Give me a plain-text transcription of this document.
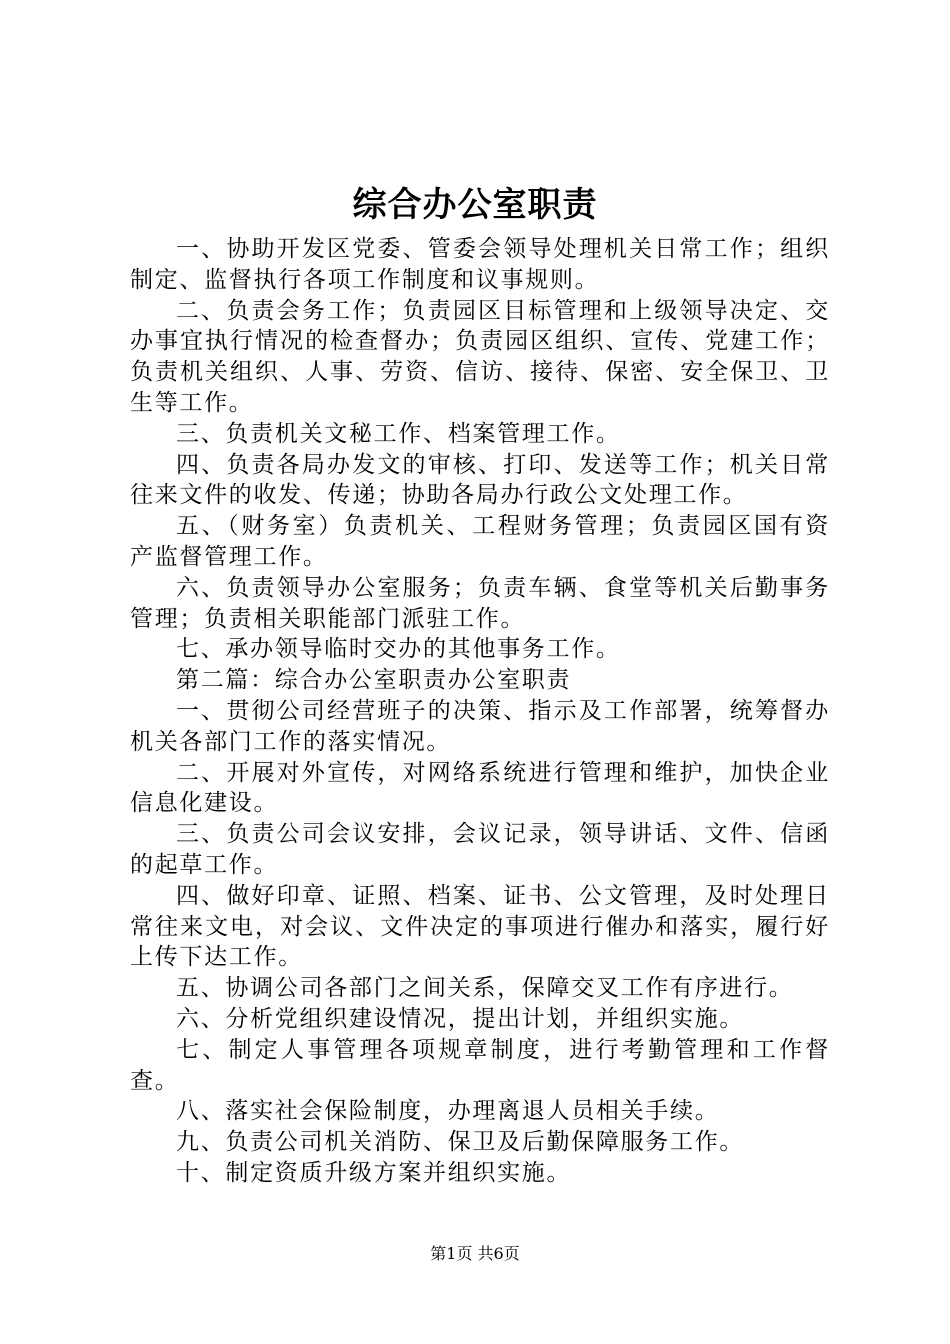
综合办公室职责

一、协助开发区党委、管委会领导处理机关日常工作；组织制定、监督执行各项工作制度和议事规则。

二、负责会务工作；负责园区目标管理和上级领导决定、交办事宜执行情况的检查督办；负责园区组织、宣传、党建工作；负责机关组织、人事、劳资、信访、接待、保密、安全保卫、卫生等工作。

三、负责机关文秘工作、档案管理工作。

四、负责各局办发文的审核、打印、发送等工作；机关日常往来文件的收发、传递；协助各局办行政公文处理工作。

五、（财务室）负责机关、工程财务管理；负责园区国有资产监督管理工作。

六、负责领导办公室服务；负责车辆、食堂等机关后勤事务管理；负责相关职能部门派驻工作。

七、承办领导临时交办的其他事务工作。

第二篇：综合办公室职责办公室职责

一、贯彻公司经营班子的决策、指示及工作部署，统筹督办机关各部门工作的落实情况。

二、开展对外宣传，对网络系统进行管理和维护，加快企业信息化建设。

三、负责公司会议安排，会议记录，领导讲话、文件、信函的起草工作。

四、做好印章、证照、档案、证书、公文管理，及时处理日常往来文电，对会议、文件决定的事项进行催办和落实，履行好上传下达工作。

五、协调公司各部门之间关系，保障交叉工作有序进行。

六、分析党组织建设情况，提出计划，并组织实施。

七、制定人事管理各项规章制度，进行考勤管理和工作督查。

八、落实社会保险制度，办理离退人员相关手续。

九、负责公司机关消防、保卫及后勤保障服务工作。

十、制定资质升级方案并组织实施。

第1页 共6页
